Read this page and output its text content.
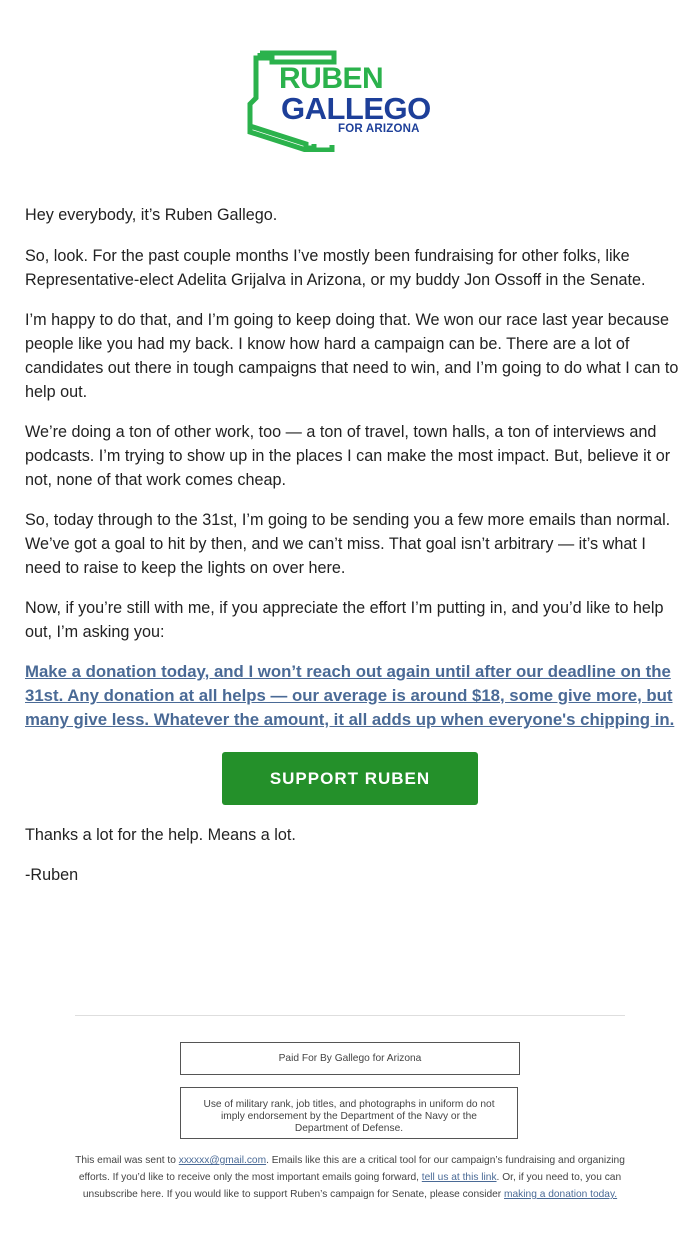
RUBEN
GALLEGO
FOR ARIZONA

Hey everybody, it’s Ruben Gallego.

So, look. For the past couple months I’ve mostly been fundraising for other folks, like Representative-elect Adelita Grijalva in Arizona, or my buddy Jon Ossoff in the Senate.

I’m happy to do that, and I’m going to keep doing that. We won our race last year because people like you had my back. I know how hard a campaign can be. There are a lot of candidates out there in tough campaigns that need to win, and I’m going to do what I can to help out.

We’re doing a ton of other work, too — a ton of travel, town halls, a ton of interviews and podcasts. I’m trying to show up in the places I can make the most impact. But, believe it or not, none of that work comes cheap.

So, today through to the 31st, I’m going to be sending you a few more emails than normal. We’ve got a goal to hit by then, and we can’t miss. That goal isn’t arbitrary — it’s what I need to raise to keep the lights on over here.

Now, if you’re still with me, if you appreciate the effort I’m putting in, and you’d like to help out, I’m asking you:

Make a donation today, and I won’t reach out again until after our deadline on the 31st. Any donation at all helps — our average is around $18, some give more, but many give less. Whatever the amount, it all adds up when everyone's chipping in.
SUPPORT RUBEN

Thanks a lot for the help. Means a lot.

-Ruben

Paid For By Gallego for Arizona
Use of military rank, job titles, and photographs in uniform do not imply endorsement by the Department of the Navy or the Department of Defense.
This email was sent to xxxxxx@gmail.com. Emails like this are a critical tool for our campaign’s fundraising and organizing efforts. If you’d like to receive only the most important emails going forward, tell us at this link. Or, if you need to, you can unsubscribe here. If you would like to support Ruben’s campaign for Senate, please consider making a donation today.
